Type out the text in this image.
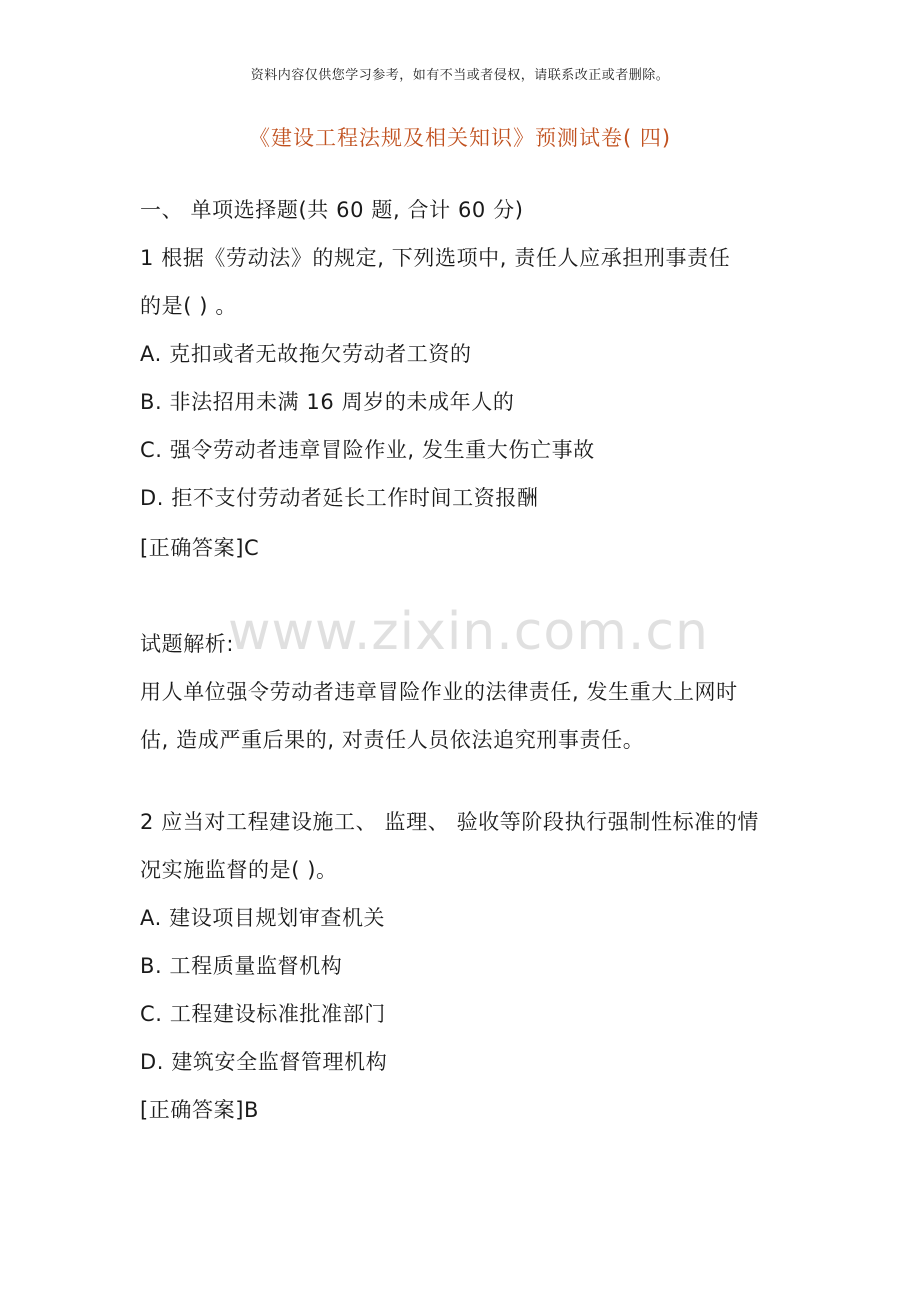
www.zixin.com.cn
资料内容仅供您学习参考，如有不当或者侵权，请联系改正或者删除。
《建设工程法规及相关知识》预测试卷( 四)
一、 单项选择题(共 60 题, 合计 60 分)
1 根据《劳动法》的规定, 下列选项中, 责任人应承担刑事责任
的是( ) 。
A. 克扣或者无故拖欠劳动者工资的
B. 非法招用未满 16 周岁的未成年人的
C. 强令劳动者违章冒险作业, 发生重大伤亡事故
D. 拒不支付劳动者延长工作时间工资报酬
[正确答案]C
试题解析:
用人单位强令劳动者违章冒险作业的法律责任, 发生重大上网时
估, 造成严重后果的, 对责任人员依法追究刑事责任。
2 应当对工程建设施工、 监理、 验收等阶段执行强制性标准的情
况实施监督的是( )。
A. 建设项目规划审查机关
B. 工程质量监督机构
C. 工程建设标准批准部门
D. 建筑安全监督管理机构
[正确答案]B
